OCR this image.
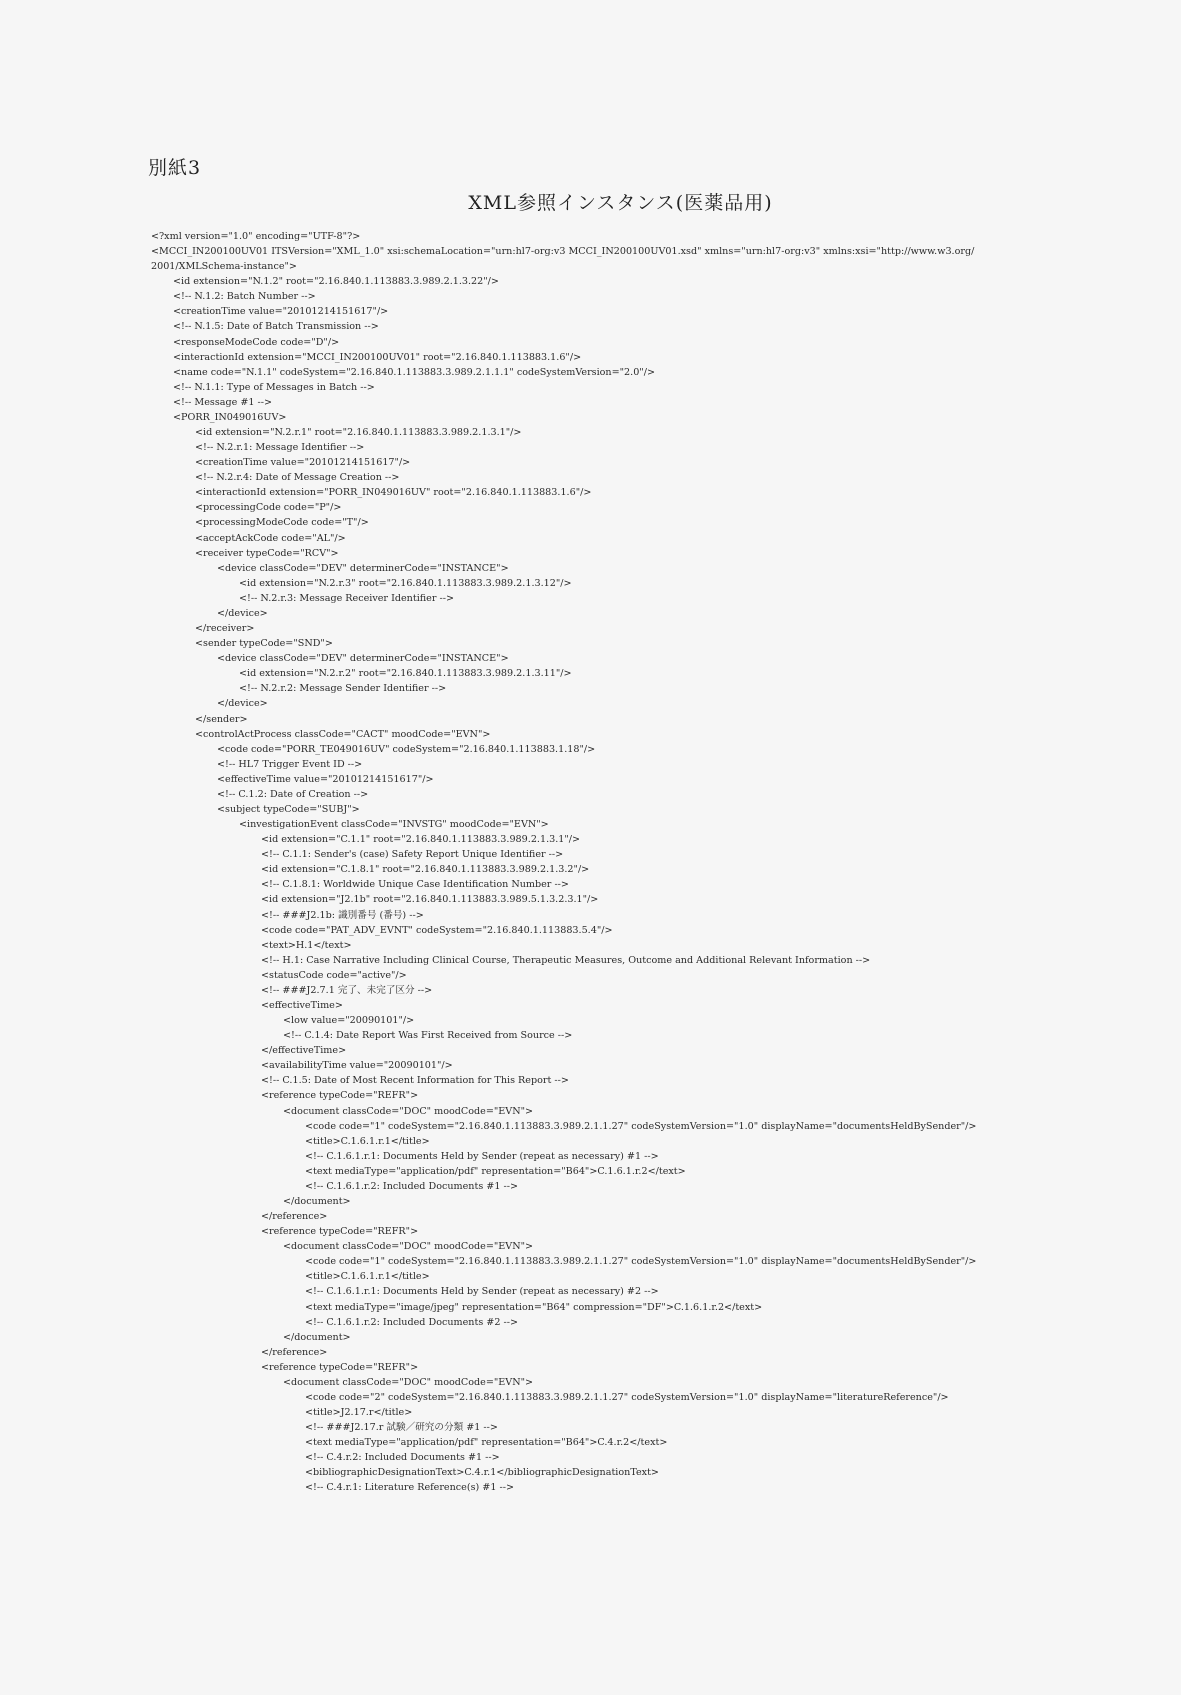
別紙3
XML参照インスタンス(医薬品用)
<?xml version="1.0" encoding="UTF-8"?>
<MCCI_IN200100UV01 ITSVersion="XML_1.0" xsi:schemaLocation="urn:hl7-org:v3 MCCI_IN200100UV01.xsd" xmlns="urn:hl7-org:v3" xmlns:xsi="http://www.w3.org/
2001/XMLSchema-instance">
<id extension="N.1.2" root="2.16.840.1.113883.3.989.2.1.3.22"/>
<!-- N.1.2: Batch Number -->
<creationTime value="20101214151617"/>
<!-- N.1.5: Date of Batch Transmission -->
<responseModeCode code="D"/>
<interactionId extension="MCCI_IN200100UV01" root="2.16.840.1.113883.1.6"/>
<name code="N.1.1" codeSystem="2.16.840.1.113883.3.989.2.1.1.1" codeSystemVersion="2.0"/>
<!-- N.1.1: Type of Messages in Batch -->
<!-- Message #1 -->
<PORR_IN049016UV>
<id extension="N.2.r.1" root="2.16.840.1.113883.3.989.2.1.3.1"/>
<!-- N.2.r.1: Message Identifier -->
<creationTime value="20101214151617"/>
<!-- N.2.r.4: Date of Message Creation -->
<interactionId extension="PORR_IN049016UV" root="2.16.840.1.113883.1.6"/>
<processingCode code="P"/>
<processingModeCode code="T"/>
<acceptAckCode code="AL"/>
<receiver typeCode="RCV">
<device classCode="DEV" determinerCode="INSTANCE">
<id extension="N.2.r.3" root="2.16.840.1.113883.3.989.2.1.3.12"/>
<!-- N.2.r.3: Message Receiver Identifier -->
</device>
</receiver>
<sender typeCode="SND">
<device classCode="DEV" determinerCode="INSTANCE">
<id extension="N.2.r.2" root="2.16.840.1.113883.3.989.2.1.3.11"/>
<!-- N.2.r.2: Message Sender Identifier -->
</device>
</sender>
<controlActProcess classCode="CACT" moodCode="EVN">
<code code="PORR_TE049016UV" codeSystem="2.16.840.1.113883.1.18"/>
<!-- HL7 Trigger Event ID -->
<effectiveTime value="20101214151617"/>
<!-- C.1.2: Date of Creation -->
<subject typeCode="SUBJ">
<investigationEvent classCode="INVSTG" moodCode="EVN">
<id extension="C.1.1" root="2.16.840.1.113883.3.989.2.1.3.1"/>
<!-- C.1.1: Sender's (case) Safety Report Unique Identifier -->
<id extension="C.1.8.1" root="2.16.840.1.113883.3.989.2.1.3.2"/>
<!-- C.1.8.1: Worldwide Unique Case Identification Number -->
<id extension="J2.1b" root="2.16.840.1.113883.3.989.5.1.3.2.3.1"/>
<!-- ###J2.1b: 識別番号 (番号) -->
<code code="PAT_ADV_EVNT" codeSystem="2.16.840.1.113883.5.4"/>
<text>H.1</text>
<!-- H.1: Case Narrative Including Clinical Course, Therapeutic Measures, Outcome and Additional Relevant Information -->
<statusCode code="active"/>
<!-- ###J2.7.1 完了、未完了区分 -->
<effectiveTime>
<low value="20090101"/>
<!-- C.1.4: Date Report Was First Received from Source -->
</effectiveTime>
<availabilityTime value="20090101"/>
<!-- C.1.5: Date of Most Recent Information for This Report -->
<reference typeCode="REFR">
<document classCode="DOC" moodCode="EVN">
<code code="1" codeSystem="2.16.840.1.113883.3.989.2.1.1.27" codeSystemVersion="1.0" displayName="documentsHeldBySender"/>
<title>C.1.6.1.r.1</title>
<!-- C.1.6.1.r.1: Documents Held by Sender (repeat as necessary) #1 -->
<text mediaType="application/pdf" representation="B64">C.1.6.1.r.2</text>
<!-- C.1.6.1.r.2: Included Documents #1 -->
</document>
</reference>
<reference typeCode="REFR">
<document classCode="DOC" moodCode="EVN">
<code code="1" codeSystem="2.16.840.1.113883.3.989.2.1.1.27" codeSystemVersion="1.0" displayName="documentsHeldBySender"/>
<title>C.1.6.1.r.1</title>
<!-- C.1.6.1.r.1: Documents Held by Sender (repeat as necessary) #2 -->
<text mediaType="image/jpeg" representation="B64" compression="DF">C.1.6.1.r.2</text>
<!-- C.1.6.1.r.2: Included Documents #2 -->
</document>
</reference>
<reference typeCode="REFR">
<document classCode="DOC" moodCode="EVN">
<code code="2" codeSystem="2.16.840.1.113883.3.989.2.1.1.27" codeSystemVersion="1.0" displayName="literatureReference"/>
<title>J2.17.r</title>
<!-- ###J2.17.r 試験／研究の分類 #1 -->
<text mediaType="application/pdf" representation="B64">C.4.r.2</text>
<!-- C.4.r.2: Included Documents #1 -->
<bibliographicDesignationText>C.4.r.1</bibliographicDesignationText>
<!-- C.4.r.1: Literature Reference(s) #1 -->
